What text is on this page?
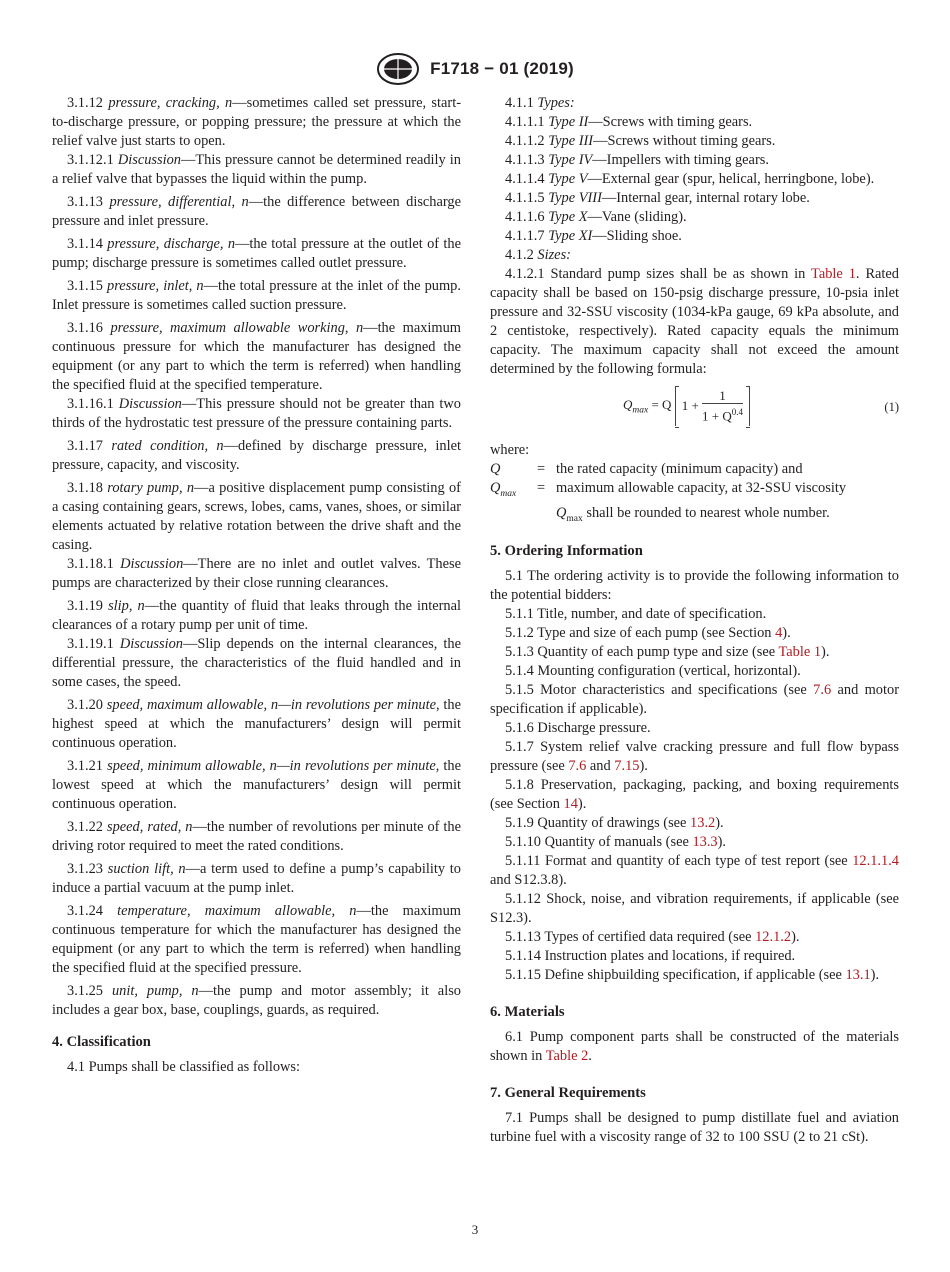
F1718 − 01 (2019)

3.1.12 pressure, cracking, n—sometimes called set pressure, start-to-discharge pressure, or popping pressure; the pressure at which the relief valve just starts to open.

3.1.12.1 Discussion—This pressure cannot be determined readily in a relief valve that bypasses the liquid within the pump.

3.1.13 pressure, differential, n—the difference between discharge pressure and inlet pressure.

3.1.14 pressure, discharge, n—the total pressure at the outlet of the pump; discharge pressure is sometimes called outlet pressure.

3.1.15 pressure, inlet, n—the total pressure at the inlet of the pump. Inlet pressure is sometimes called suction pressure.

3.1.16 pressure, maximum allowable working, n—the maximum continuous pressure for which the manufacturer has designed the equipment (or any part to which the term is referred) when handling the specified fluid at the specified temperature.

3.1.16.1 Discussion—This pressure should not be greater than two thirds of the hydrostatic test pressure of the pressure containing parts.

3.1.17 rated condition, n—defined by discharge pressure, inlet pressure, capacity, and viscosity.

3.1.18 rotary pump, n—a positive displacement pump consisting of a casing containing gears, screws, lobes, cams, vanes, shoes, or similar elements actuated by relative rotation between the drive shaft and the casing.

3.1.18.1 Discussion—There are no inlet and outlet valves. These pumps are characterized by their close running clearances.

3.1.19 slip, n—the quantity of fluid that leaks through the internal clearances of a rotary pump per unit of time.

3.1.19.1 Discussion—Slip depends on the internal clearances, the differential pressure, the characteristics of the fluid handled and in some cases, the speed.

3.1.20 speed, maximum allowable, n—in revolutions per minute, the highest speed at which the manufacturers’ design will permit continuous operation.

3.1.21 speed, minimum allowable, n—in revolutions per minute, the lowest speed at which the manufacturers’ design will permit continuous operation.

3.1.22 speed, rated, n—the number of revolutions per minute of the driving rotor required to meet the rated conditions.

3.1.23 suction lift, n—a term used to define a pump’s capability to induce a partial vacuum at the pump inlet.

3.1.24 temperature, maximum allowable, n—the maximum continuous temperature for which the manufacturer has designed the equipment (or any part to which the term is referred) when handling the specified fluid at the specified pressure.

3.1.25 unit, pump, n—the pump and motor assembly; it also includes a gear box, base, couplings, guards, as required.

4. Classification

4.1 Pumps shall be classified as follows:

4.1.1 Types:

4.1.1.1 Type II—Screws with timing gears.

4.1.1.2 Type III—Screws without timing gears.

4.1.1.3 Type IV—Impellers with timing gears.

4.1.1.4 Type V—External gear (spur, helical, herringbone, lobe).

4.1.1.5 Type VIII—Internal gear, internal rotary lobe.

4.1.1.6 Type X—Vane (sliding).

4.1.1.7 Type XI—Sliding shoe.

4.1.2 Sizes:

4.1.2.1 Standard pump sizes shall be as shown in Table 1. Rated capacity shall be based on 150-psig discharge pressure, 10-psia inlet pressure and 32-SSU viscosity (1034-kPa gauge, 69 kPa absolute, and 2 centistoke, respectively). Rated capacity equals the minimum capacity. The maximum capacity shall not exceed the amount determined by the following formula:

$Q_{max} = Q$ $1 + \frac{1}{1 + Q^{0.4}}$	(1)

where:

Q	= the rated capacity (minimum capacity) and
$Q_{max}$	= maximum allowable capacity, at 32-SSU viscosity
$Q_{max}$ shall be rounded to nearest whole number.
5. Ordering Information

5.1 The ordering activity is to provide the following information to the potential bidders:

5.1.1 Title, number, and date of specification.

5.1.2 Type and size of each pump (see Section 4).

5.1.3 Quantity of each pump type and size (see Table 1).

5.1.4 Mounting configuration (vertical, horizontal).

5.1.5 Motor characteristics and specifications (see 7.6 and motor specification if applicable).

5.1.6 Discharge pressure.

5.1.7 System relief valve cracking pressure and full flow bypass pressure (see 7.6 and 7.15).

5.1.8 Preservation, packaging, packing, and boxing requirements (see Section 14).

5.1.9 Quantity of drawings (see 13.2).

5.1.10 Quantity of manuals (see 13.3).

5.1.11 Format and quantity of each type of test report (see 12.1.1.4 and S12.3.8).

5.1.12 Shock, noise, and vibration requirements, if applicable (see S12.3).

5.1.13 Types of certified data required (see 12.1.2).

5.1.14 Instruction plates and locations, if required.

5.1.15 Define shipbuilding specification, if applicable (see 13.1).

6. Materials

6.1 Pump component parts shall be constructed of the materials shown in Table 2.

7. General Requirements

7.1 Pumps shall be designed to pump distillate fuel and aviation turbine fuel with a viscosity range of 32 to 100 SSU (2 to 21 cSt).

3
